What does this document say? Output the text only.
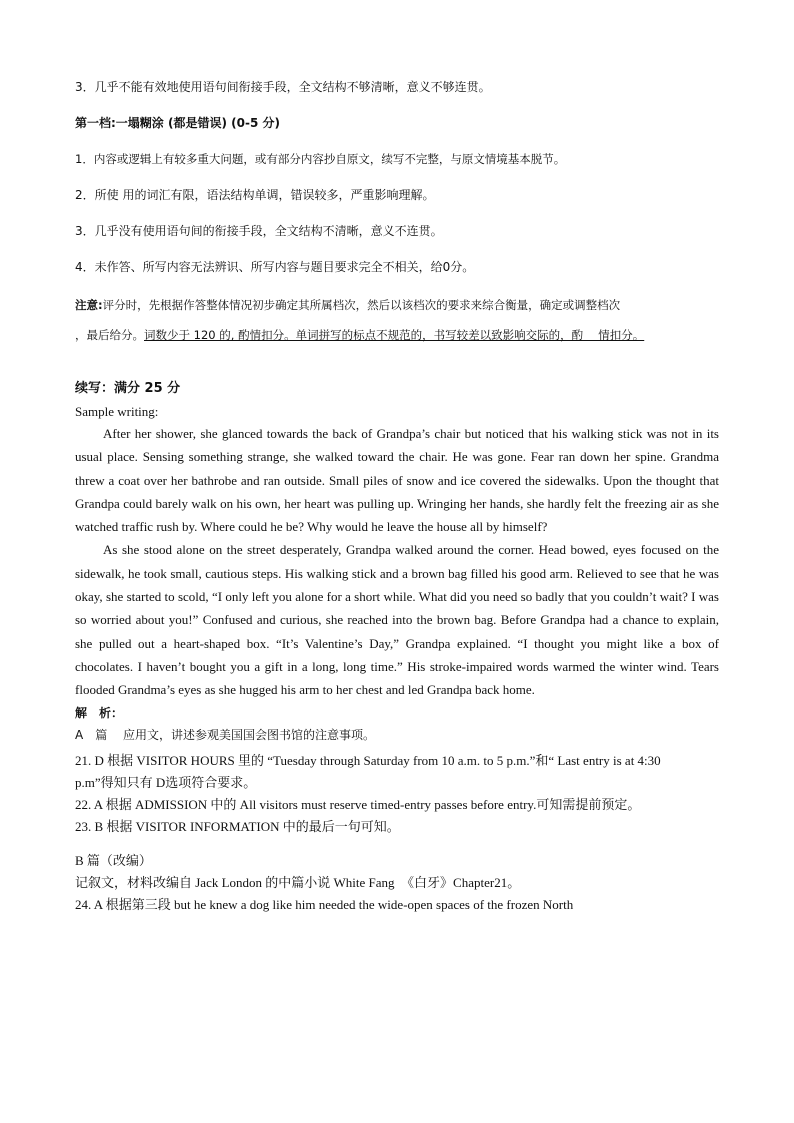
3．几乎不能有效地使用语句间衔接手段，全文结构不够清晰，意义不够连贯。
第一档:一塌糊涂 (都是错误) (0-5 分)
1．内容或逻辑上有较多重大问题，或有部分内容抄自原文，续写不完整，与原文情境基本脱节。
2．所使 用的词汇有限，语法结构单调，错误较多，严重影响理解。
3．几乎没有使用语句间的衔接手段，全文结构不清晰，意义不连贯。
4．未作答、所写内容无法辨识、所写内容与题目要求完全不相关，给0分。
注意:评分时，先根据作答整体情况初步确定其所属档次，然后以该档次的要求来综合衡量，确定或调整档次
，最后给分。词数少于 120 的, 酌情扣分。单词拼写的标点不规范的，书写较差以致影响交际的，酌　 情扣分。
续写：满分 25 分
Sample writing:
After her shower, she glanced towards the back of Grandpa’s chair but noticed that his walking stick was not in its usual place. Sensing something strange, she walked toward the chair. He was gone. Fear ran down her spine. Grandma threw a coat over her bathrobe and ran outside. Small piles of snow and ice covered the sidewalks. Upon the thought that Grandpa could barely walk on his own, her heart was pulling up. Wringing her hands, she hardly felt the freezing air as she watched traffic rush by. Where could he be? Why would he leave the house all by himself?
As she stood alone on the street desperately, Grandpa walked around the corner. Head bowed, eyes focused on the sidewalk, he took small, cautious steps. His walking stick and a brown bag filled his good arm. Relieved to see that he was okay, she started to scold, “I only left you alone for a short while. What did you need so badly that you couldn’t wait? I was so worried about you!” Confused and curious, she reached into the brown bag. Before Grandpa had a chance to explain, she pulled out a heart-shaped box. “It’s Valentine’s Day,” Grandpa explained. “I thought you might like a box of chocolates. I haven’t bought you a gift in a long, long time.” His stroke-impaired words warmed the winter wind. Tears flooded Grandma’s eyes as she hugged his arm to her chest and led Grandpa back home.
解　析：
A　篇　 应用文，讲述参观美国国会图书馆的注意事项。
21. D 根据 VISITOR HOURS 里的 “Tuesday through Saturday from 10 a.m. to 5 p.m.”和“ Last entry is at 4:30
p.m”得知只有 D选项符合要求。
22. A 根据 ADMISSION 中的 All visitors must reserve timed-entry passes before entry.可知需提前预定。
23. B 根据 VISITOR INFORMATION 中的最后一句可知。
B 篇（改编）
记叙文，材料改编自 Jack London 的中篇小说 White Fang　《白牙》Chapter21。
24. A 根据第三段 but he knew a dog like him needed the wide-open spaces of the frozen North
